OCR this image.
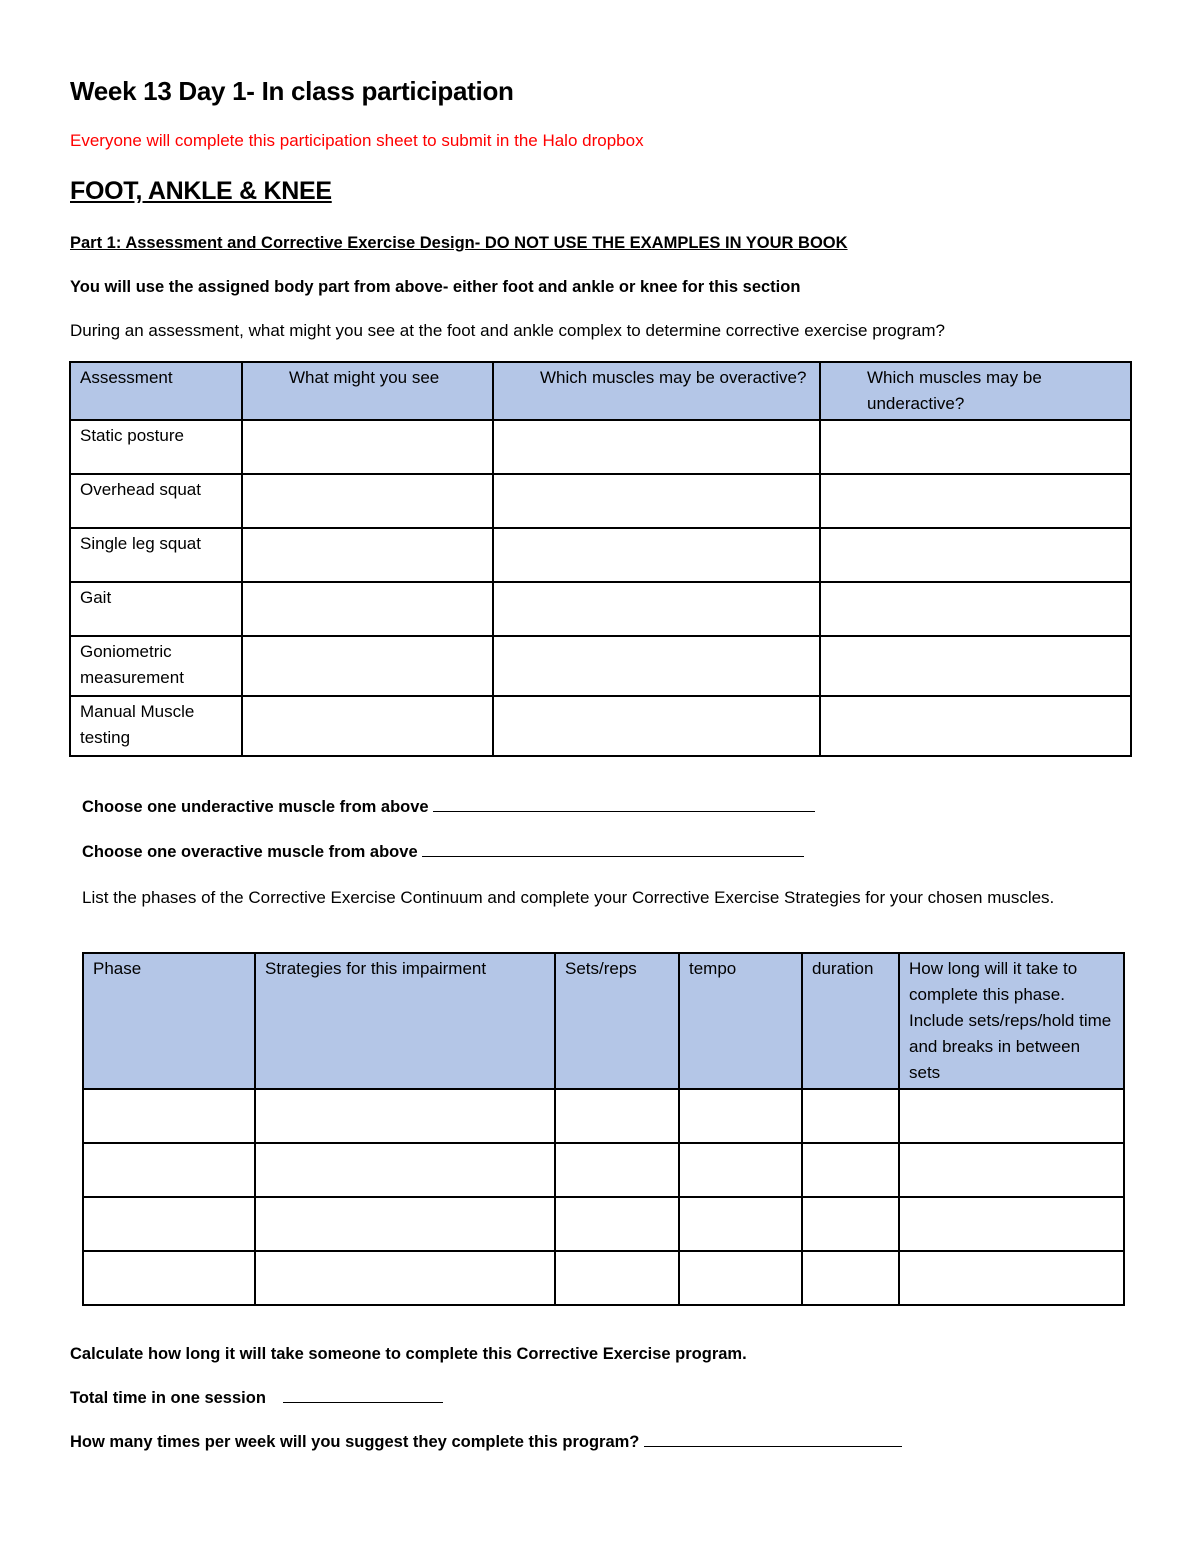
Week 13 Day 1- In class participation
Everyone will complete this participation sheet to submit in the Halo dropbox
FOOT, ANKLE & KNEE
Part 1: Assessment and Corrective Exercise Design- DO NOT USE THE EXAMPLES IN YOUR BOOK
You will use the assigned body part from above- either foot and ankle or knee for this section
During an assessment, what might you see at the foot and ankle complex to determine corrective exercise program?
Assessment	What might you see	Which muscles may be overactive?	Which muscles may be underactive?
Static posture			
Overhead squat			
Single leg squat			
Gait			
Goniometric measurement			
Manual Muscle testing			
Choose one underactive muscle from above
Choose one overactive muscle from above
List the phases of the Corrective Exercise Continuum and complete your Corrective Exercise Strategies for your chosen muscles.
Phase	Strategies for this impairment	Sets/reps	tempo	duration	How long will it take to complete this phase. Include sets/reps/hold time and breaks in between sets

Calculate how long it will take someone to complete this Corrective Exercise program.
Total time in one session
How many times per week will you suggest they complete this program?
